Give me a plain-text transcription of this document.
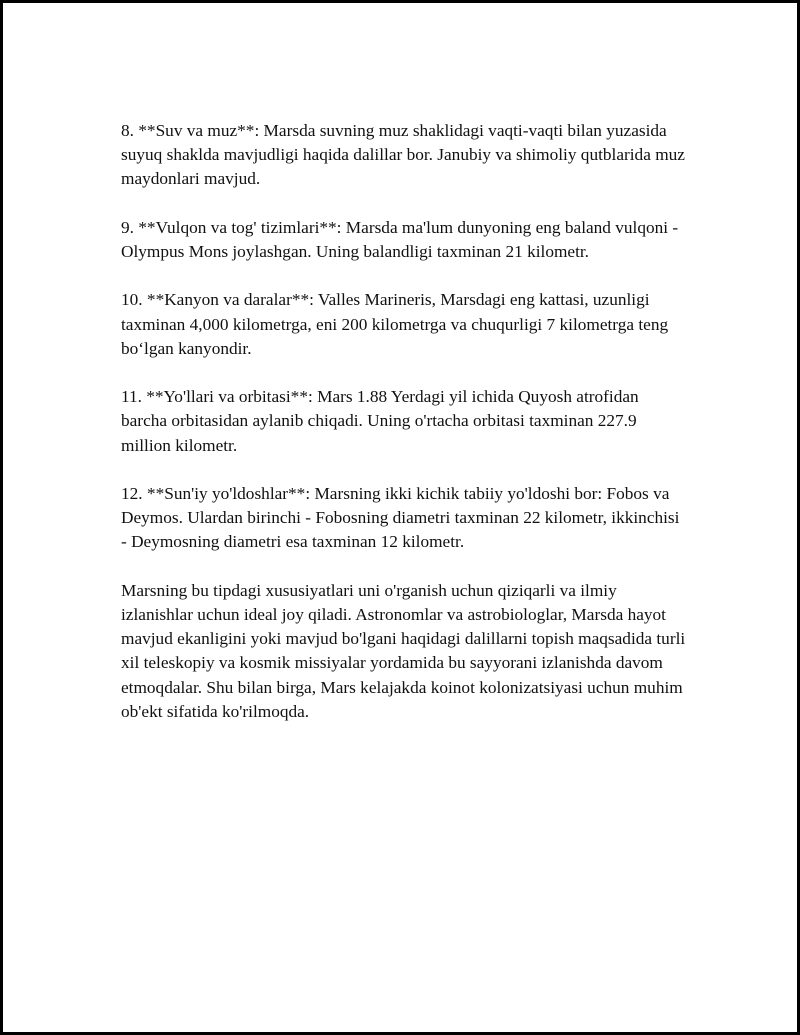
8. **Suv va muz**: Marsda suvning muz shaklidagi vaqti-vaqti bilan yuzasida suyuq shaklda mavjudligi haqida dalillar bor. Janubiy va shimoliy qutblarida muz maydonlari mavjud.

9. **Vulqon va tog' tizimlari**: Marsda ma'lum dunyoning eng baland vulqoni - Olympus Mons joylashgan. Uning balandligi taxminan 21 kilometr.

10. **Kanyon va daralar**: Valles Marineris, Marsdagi eng kattasi, uzunligi taxminan 4,000 kilometrga, eni 200 kilometrga va chuqurligi 7 kilometrga teng bo‘lgan kanyondir.

11. **Yo'llari va orbitasi**: Mars 1.88 Yerdagi yil ichida Quyosh atrofidan barcha orbitasidan aylanib chiqadi. Uning o'rtacha orbitasi taxminan 227.9 million kilometr.

12. **Sun'iy yo'ldoshlar**: Marsning ikki kichik tabiiy yo'ldoshi bor: Fobos va Deymos. Ulardan birinchi - Fobosning diametri taxminan 22 kilometr, ikkinchisi - Deymosning diametri esa taxminan 12 kilometr.

Marsning bu tipdagi xususiyatlari uni o'rganish uchun qiziqarli va ilmiy izlanishlar uchun ideal joy qiladi. Astronomlar va astrobiologlar, Marsda hayot mavjud ekanligini yoki mavjud bo'lgani haqidagi dalillarni topish maqsadida turli xil teleskopiy va kosmik missiyalar yordamida bu sayyorani izlanishda davom etmoqdalar. Shu bilan birga, Mars kelajakda koinot kolonizatsiyasi uchun muhim ob'ekt sifatida ko'rilmoqda.
